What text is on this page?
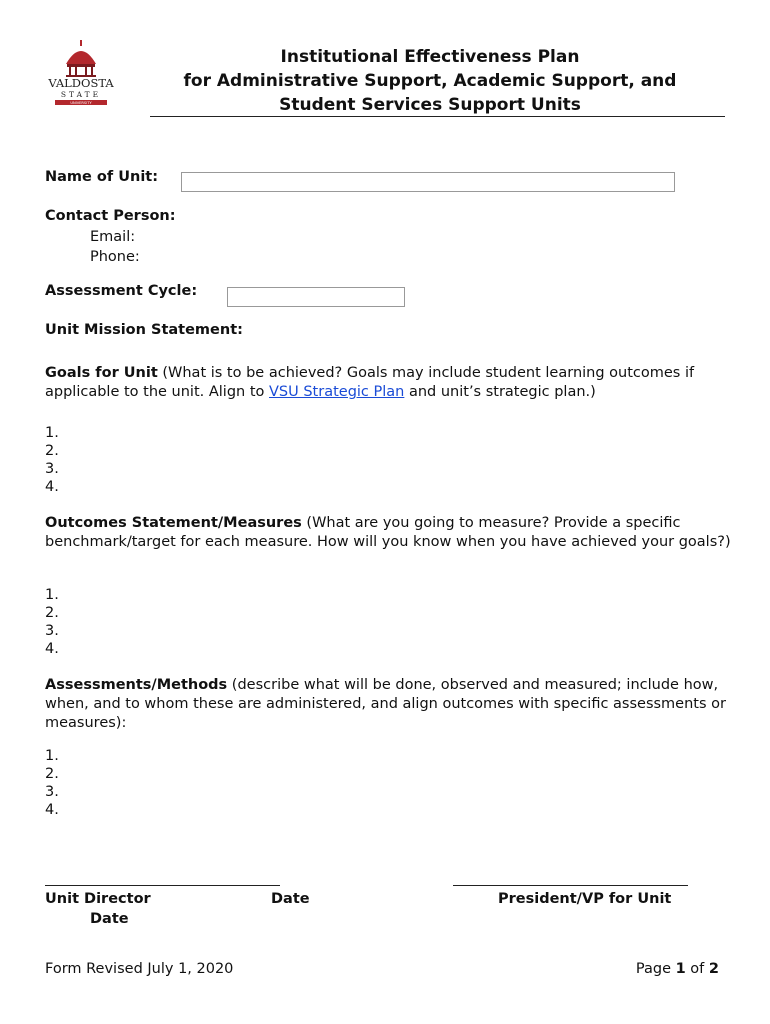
VALDOSTA
STATE
UNIVERSITY
Institutional Effectiveness Plan
for Administrative Support, Academic Support, and
Student Services Support Units
Name of Unit:
Contact Person:
Email:
Phone:
Assessment Cycle:
Unit Mission Statement:
Goals for Unit (What is to be achieved? Goals may include student learning outcomes if applicable to the unit. Align to VSU Strategic Plan and unit’s strategic plan.)
1.
2.
3.
4.
Outcomes Statement/Measures (What are you going to measure? Provide a specific benchmark/target for each measure. How will you know when you have achieved your goals?)
1.
2.
3.
4.
Assessments/Methods (describe what will be done, observed and measured; include how, when, and to whom these are administered, and align outcomes with specific assessments or measures):
1.
2.
3.
4.
Unit Director	Date	President/VP for Unit
Date
Form Revised July 1, 2020	Page 1 of 2
